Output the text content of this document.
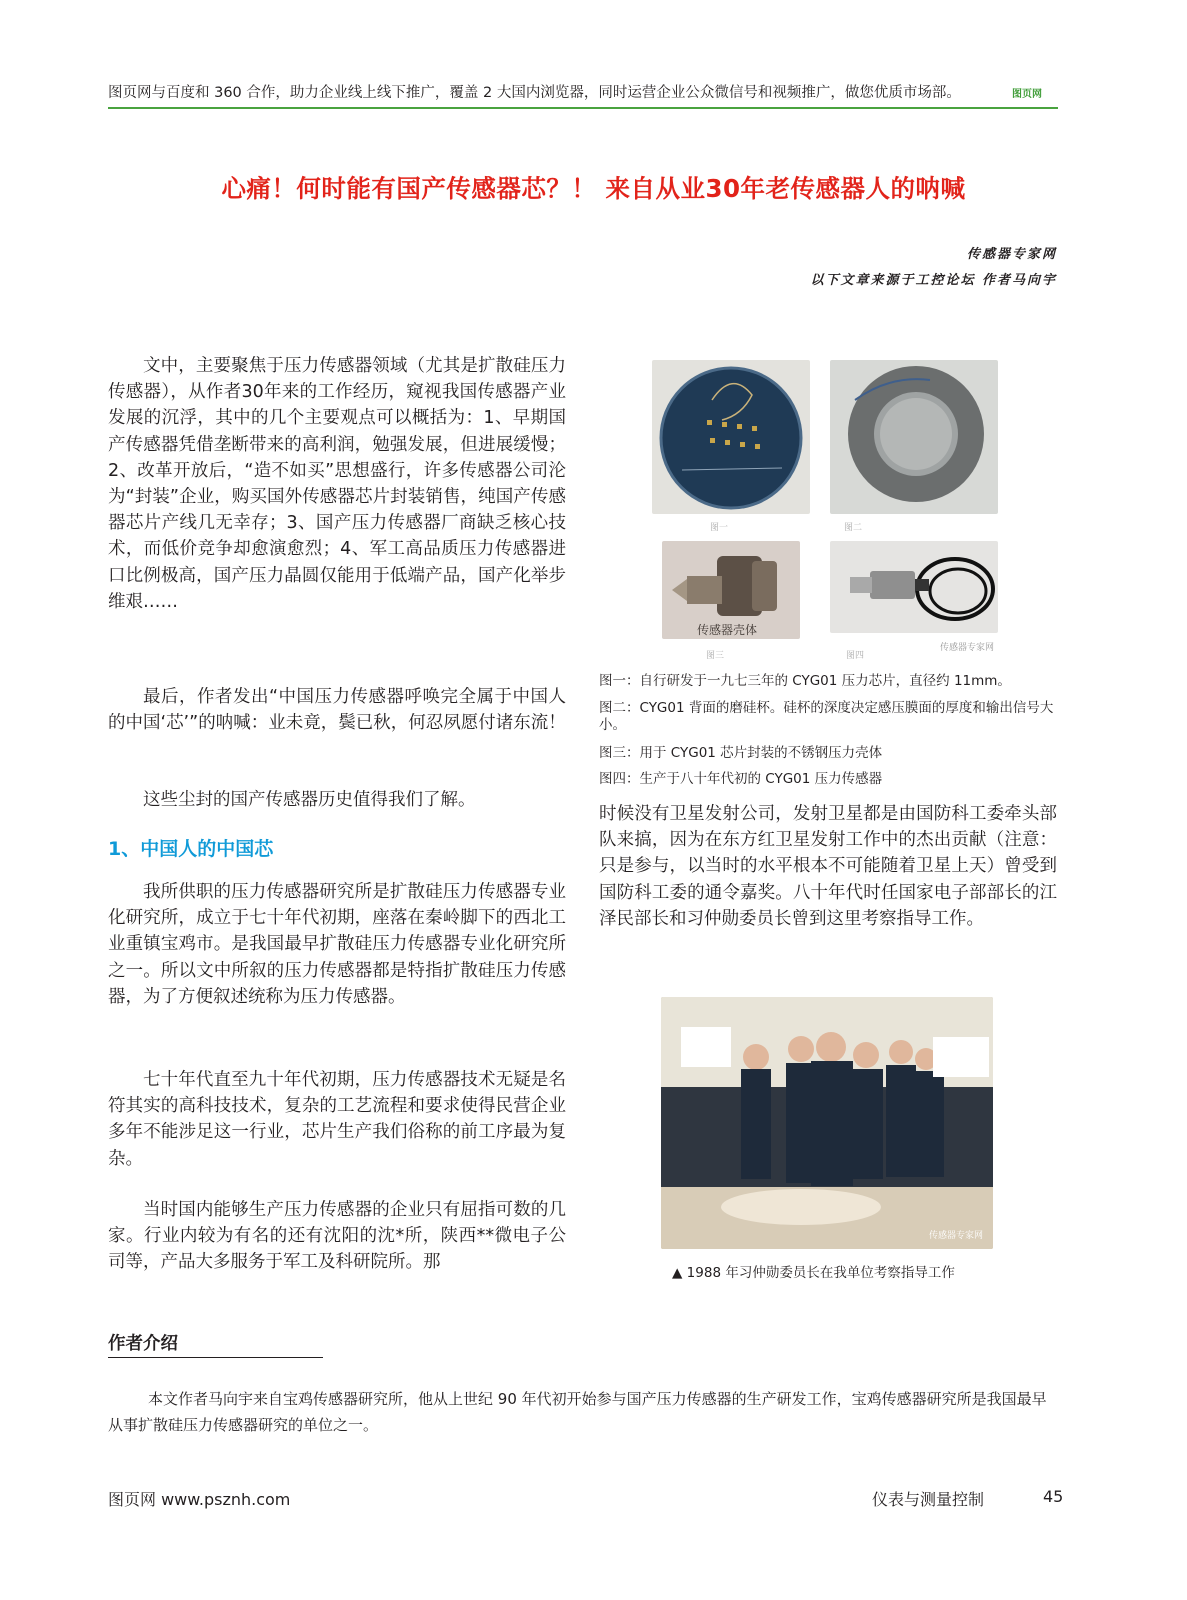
图页网与百度和 360 合作，助力企业线上线下推广，覆盖 2 大国内浏览器，同时运营企业公众微信号和视频推广，做您优质市场部。	图页网
心痛！何时能有国产传感器芯？！ 来自从业30年老传感器人的呐喊
传感器专家网
以下文章来源于工控论坛 作者马向宇
文中，主要聚焦于压力传感器领域（尤其是扩散硅压力传感器），从作者30年来的工作经历，窥视我国传感器产业发展的沉浮，其中的几个主要观点可以概括为：1、早期国产传感器凭借垄断带来的高利润，勉强发展，但进展缓慢；2、改革开放后，“造不如买”思想盛行，许多传感器公司沦为“封装”企业，购买国外传感器芯片封装销售，纯国产传感器芯片产线几无幸存；3、国产压力传感器厂商缺乏核心技术，而低价竞争却愈演愈烈；4、军工高品质压力传感器进口比例极高，国产压力晶圆仅能用于低端产品，国产化举步维艰……
最后，作者发出“中国压力传感器呼唤完全属于中国人的中国‘芯’”的呐喊：业未竟，鬓已秋，何忍夙愿付诸东流！
这些尘封的国产传感器历史值得我们了解。
1、中国人的中国芯
我所供职的压力传感器研究所是扩散硅压力传感器专业化研究所，成立于七十年代初期，座落在秦岭脚下的西北工业重镇宝鸡市。是我国最早扩散硅压力传感器专业化研究所之一。所以文中所叙的压力传感器都是特指扩散硅压力传感器，为了方便叙述统称为压力传感器。
七十年代直至九十年代初期，压力传感器技术无疑是名符其实的高科技技术，复杂的工艺流程和要求使得民营企业多年不能涉足这一行业，芯片生产我们俗称的前工序最为复杂。
当时国内能够生产压力传感器的企业只有屈指可数的几家。行业内较为有名的还有沈阳的沈*所，陕西**微电子公司等，产品大多服务于军工及科研院所。那
图一	图二
传感器壳体
图三	图四
传感器专家网
图一：自行研发于一九七三年的 CYG01 压力芯片，直径约 11mm。
图二：CYG01 背面的磨硅杯。硅杯的深度决定感压膜面的厚度和输出信号大小。
图三：用于 CYG01 芯片封装的不锈钢压力壳体
图四：生产于八十年代初的 CYG01 压力传感器
时候没有卫星发射公司，发射卫星都是由国防科工委牵头部队来搞，因为在东方红卫星发射工作中的杰出贡献（注意：只是参与，以当时的水平根本不可能随着卫星上天）曾受到国防科工委的通令嘉奖。八十年代时任国家电子部部长的江泽民部长和习仲勋委员长曾到这里考察指导工作。
传感器专家网
▲ 1988 年习仲勋委员长在我单位考察指导工作
作者介绍
本文作者马向宇来自宝鸡传感器研究所，他从上世纪 90 年代初开始参与国产压力传感器的生产研发工作，宝鸡传感器研究所是我国最早从事扩散硅压力传感器研究的单位之一。
图页网 www.psznh.com	仪表与测量控制	45
